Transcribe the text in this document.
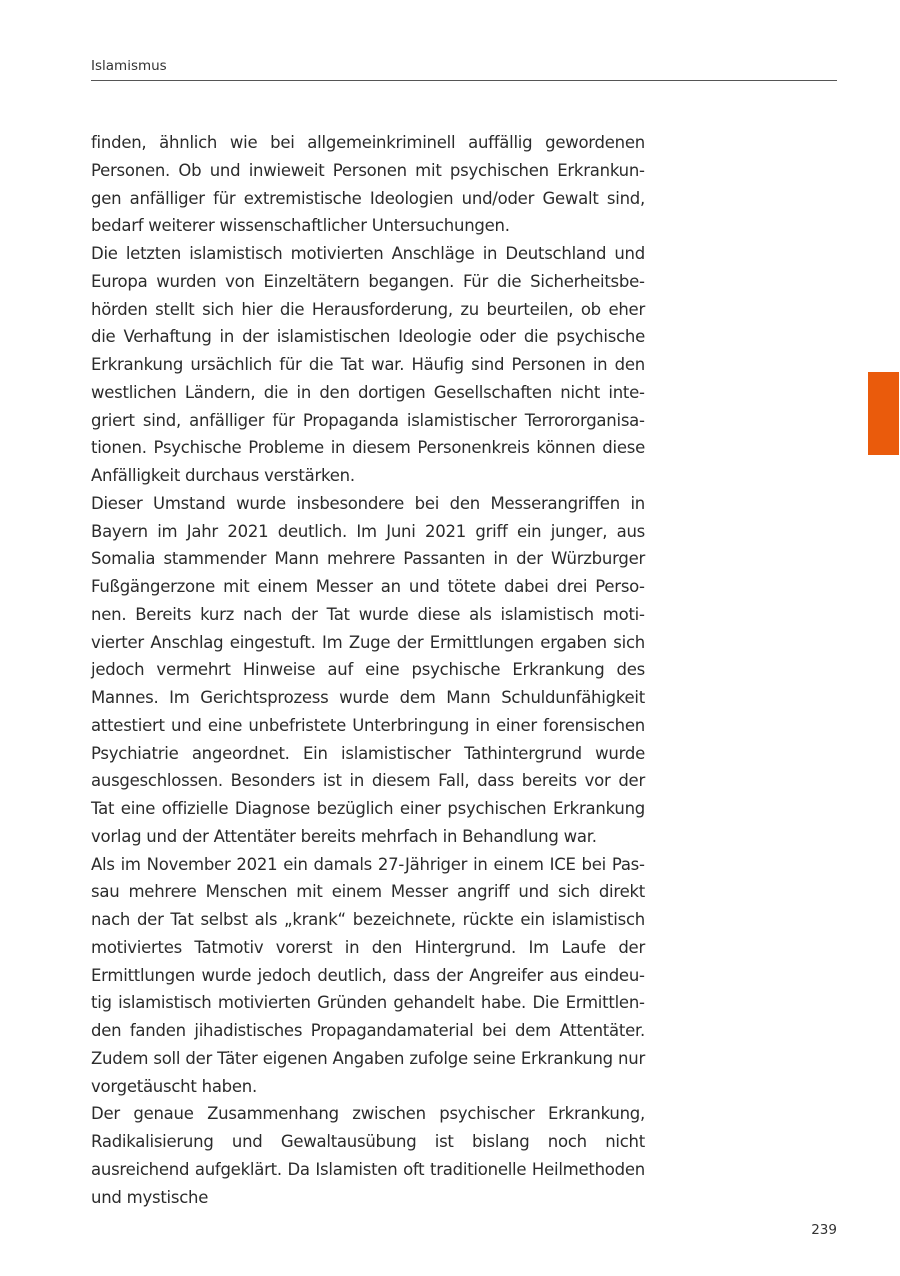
Islamismus

finden, ähnlich wie bei allgemeinkriminell auffällig gewordenen Personen. Ob und inwieweit Personen mit psychischen Erkrankungen anfälliger für extremistische Ideologien und/oder Gewalt sind, bedarf weiterer wissenschaftlicher Untersuchungen.

Die letzten islamistisch motivierten Anschläge in Deutschland und Europa wurden von Einzeltätern begangen. Für die Sicherheitsbehörden stellt sich hier die Herausforderung, zu beurteilen, ob eher die Verhaftung in der islamistischen Ideologie oder die psychische Erkrankung ursächlich für die Tat war. Häufig sind Personen in den westlichen Ländern, die in den dortigen Gesellschaften nicht integriert sind, anfälliger für Propaganda islamistischer Terrororganisationen. Psychische Probleme in diesem Personenkreis können diese Anfälligkeit durchaus verstärken.

Dieser Umstand wurde insbesondere bei den Messerangriffen in Bayern im Jahr 2021 deutlich. Im Juni 2021 griff ein junger, aus Somalia stammender Mann mehrere Passanten in der Würzburger Fußgängerzone mit einem Messer an und tötete dabei drei Personen. Bereits kurz nach der Tat wurde diese als islamistisch motivierter Anschlag eingestuft. Im Zuge der Ermittlungen ergaben sich jedoch vermehrt Hinweise auf eine psychische Erkrankung des Mannes. Im Gerichtsprozess wurde dem Mann Schuldunfähigkeit attestiert und eine unbefristete Unterbringung in einer forensischen Psychiatrie angeordnet. Ein islamistischer Tathintergrund wurde ausgeschlossen. Besonders ist in diesem Fall, dass bereits vor der Tat eine offizielle Diagnose bezüglich einer psychischen Erkrankung vorlag und der Attentäter bereits mehrfach in Behandlung war.

Als im November 2021 ein damals 27-Jähriger in einem ICE bei Passau mehrere Menschen mit einem Messer angriff und sich direkt nach der Tat selbst als „krank“ bezeichnete, rückte ein islamistisch motiviertes Tatmotiv vorerst in den Hintergrund. Im Laufe der Ermittlungen wurde jedoch deutlich, dass der Angreifer aus eindeutig islamistisch motivierten Gründen gehandelt habe. Die Ermittlenden fanden jihadistisches Propagandamaterial bei dem Attentäter. Zudem soll der Täter eigenen Angaben zufolge seine Erkrankung nur vorgetäuscht haben.

Der genaue Zusammenhang zwischen psychischer Erkrankung, Radikalisierung und Gewaltausübung ist bislang noch nicht ausreichend aufgeklärt. Da Islamisten oft traditionelle Heilmethoden und mystische

239
